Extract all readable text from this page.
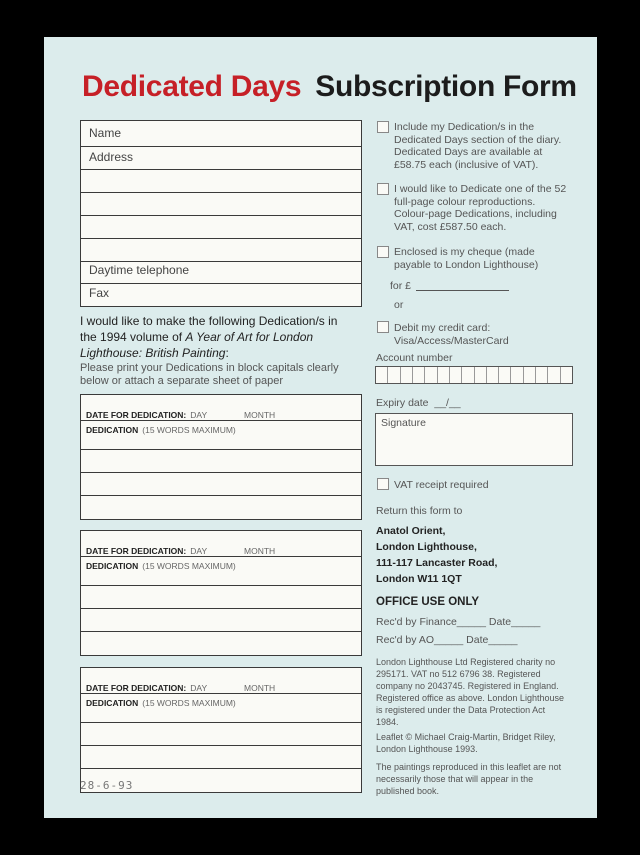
Dedicated Days Subscription Form
Name
Address
Daytime telephone
Fax
I would like to make the following Dedication/s in
the 1994 volume of A Year of Art for London
Lighthouse: British Painting:
Please print your Dedications in block capitals clearly
below or attach a separate sheet of paper
DATE FOR DEDICATION: DAY	MONTH
DEDICATION (15 WORDS MAXIMUM)
DATE FOR DEDICATION: DAY	MONTH
DEDICATION (15 WORDS MAXIMUM)
DATE FOR DEDICATION: DAY	MONTH
DEDICATION (15 WORDS MAXIMUM)
28-6-93
Include my Dedication/s in the
Dedicated Days section of the diary.
Dedicated Days are available at
£58.75 each (inclusive of VAT).
I would like to Dedicate one of the 52
full-page colour reproductions.
Colour-page Dedications, including
VAT, cost £587.50 each.
Enclosed is my cheque (made
payable to London Lighthouse)
for £
or
Debit my credit card:
Visa/Access/MasterCard
Account number
Expiry date  __/__
Signature
VAT receipt required
Return this form to
Anatol Orient,
London Lighthouse,
111-117 Lancaster Road,
London W11 1QT
OFFICE USE ONLY
Rec'd by Finance_____ Date_____
Rec'd by AO_____ Date_____
London Lighthouse Ltd Registered charity no
295171. VAT no 512 6796 38. Registered
company no 2043745. Registered in England.
Registered office as above. London Lighthouse
is registered under the Data Protection Act
1984.
Leaflet © Michael Craig-Martin, Bridget Riley,
London Lighthouse 1993.
The paintings reproduced in this leaflet are not
necessarily those that will appear in the
published book.
